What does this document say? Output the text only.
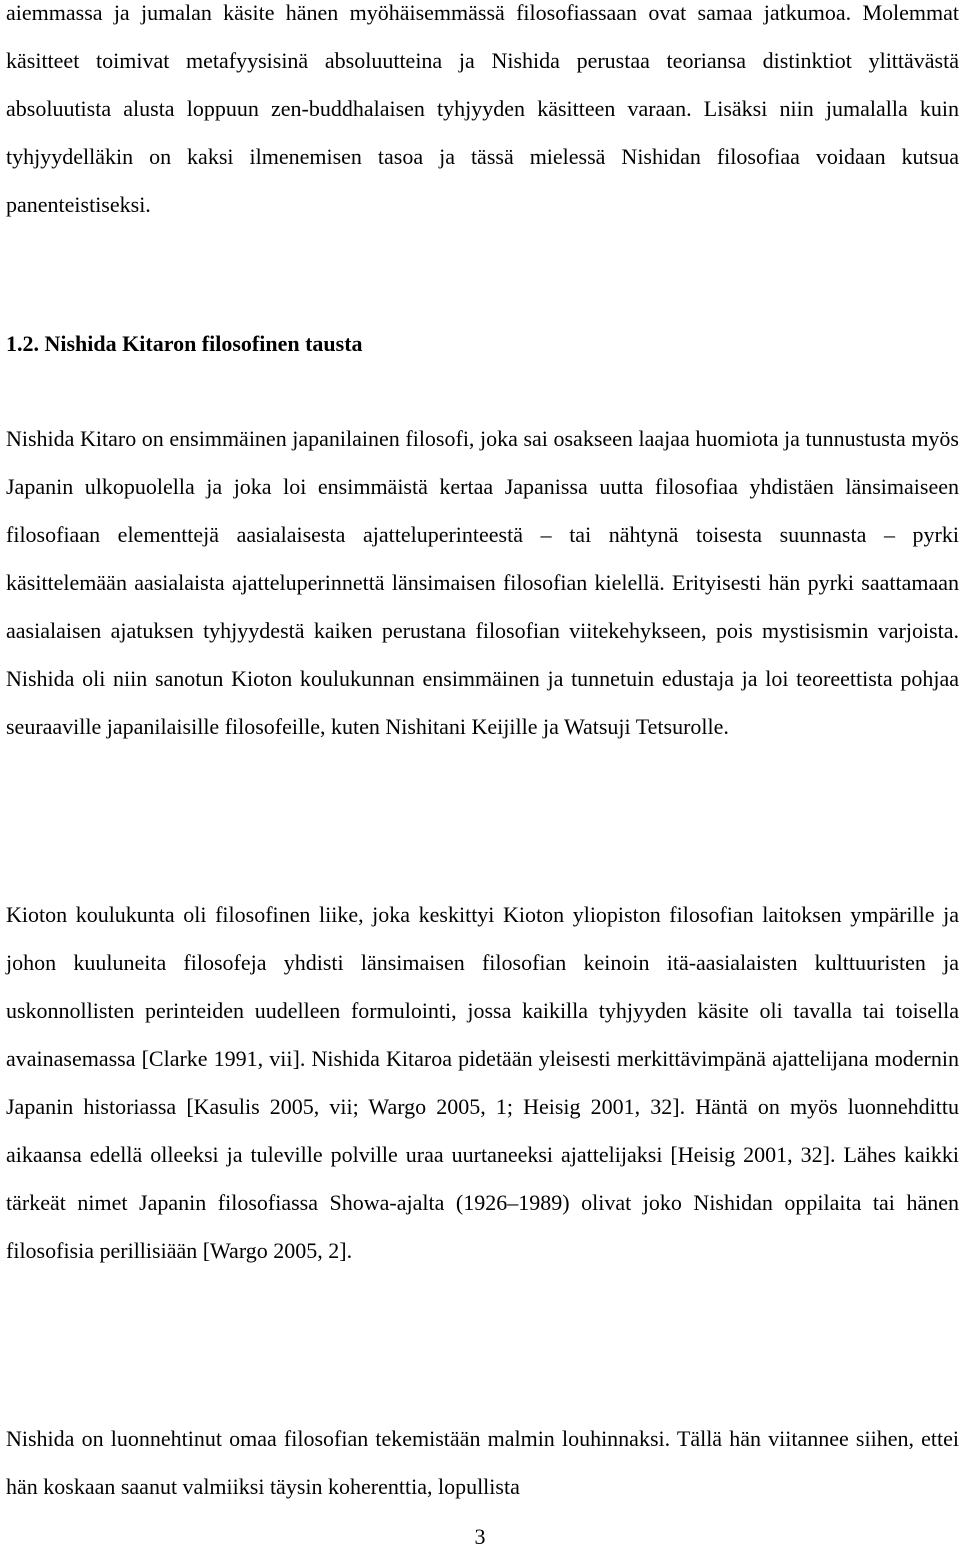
aiemmassa ja jumalan käsite hänen myöhäisemmässä filosofiassaan ovat samaa jatkumoa. Molemmat käsitteet toimivat metafyysisinä absoluutteina ja Nishida perustaa teoriansa distinktiot ylittävästä absoluutista alusta loppuun zen-buddhalaisen tyhjyyden käsitteen varaan. Lisäksi niin jumalalla kuin tyhjyydelläkin on kaksi ilmenemisen tasoa ja tässä mielessä Nishidan filosofiaa voidaan kutsua panenteistiseksi.

1.2. Nishida Kitaron filosofinen tausta

Nishida Kitaro on ensimmäinen japanilainen filosofi, joka sai osakseen laajaa huomiota ja tunnustusta myös Japanin ulkopuolella ja joka loi ensimmäistä kertaa Japanissa uutta filosofiaa yhdistäen länsimaiseen filosofiaan elementtejä aasialaisesta ajatteluperinteestä – tai nähtynä toisesta suunnasta – pyrki käsittelemään aasialaista ajatteluperinnettä länsimaisen filosofian kielellä. Erityisesti hän pyrki saattamaan aasialaisen ajatuksen tyhjyydestä kaiken perustana filosofian viitekehykseen, pois mystisismin varjoista. Nishida oli niin sanotun Kioton koulukunnan ensimmäinen ja tunnetuin edustaja ja loi teoreettista pohjaa seuraaville japanilaisille filosofeille, kuten Nishitani Keijille ja Watsuji Tetsurolle.

Kioton koulukunta oli filosofinen liike, joka keskittyi Kioton yliopiston filosofian laitoksen ympärille ja johon kuuluneita filosofeja yhdisti länsimaisen filosofian keinoin itä-aasialaisten kulttuuristen ja uskonnollisten perinteiden uudelleen formulointi, jossa kaikilla tyhjyyden käsite oli tavalla tai toisella avainasemassa [Clarke 1991, vii]. Nishida Kitaroa pidetään yleisesti merkittävimpänä ajattelijana modernin Japanin historiassa [Kasulis 2005, vii; Wargo 2005, 1; Heisig 2001, 32]. Häntä on myös luonnehdittu aikaansa edellä olleeksi ja tuleville polville uraa uurtaneeksi ajattelijaksi [Heisig 2001, 32]. Lähes kaikki tärkeät nimet Japanin filosofiassa Showa-ajalta (1926–1989) olivat joko Nishidan oppilaita tai hänen filosofisia perillisiään [Wargo 2005, 2].

Nishida on luonnehtinut omaa filosofian tekemistään malmin louhinnaksi. Tällä hän viitannee siihen, ettei hän koskaan saanut valmiiksi täysin koherenttia, lopullista

3
